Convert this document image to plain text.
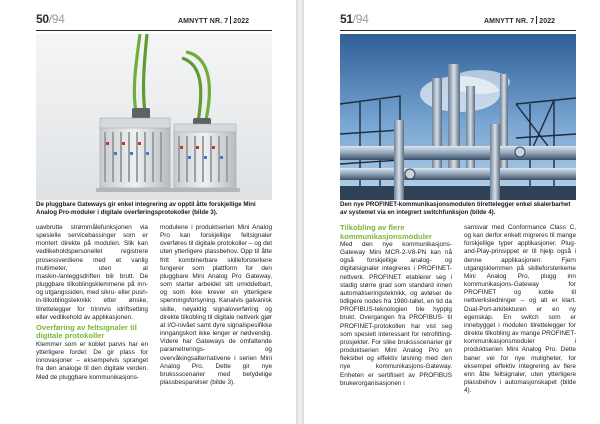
50/94	AMNYTT NR. 7 2022
De pluggbare Gateways gir enkel integrering av opptil åtte forskjellige Mini Analog Pro-moduler i digitale overføringsprotokoller (bilde 3).

uavbrutte strømmålefunksjonen via spesielle servicebassinger som er montert direkte på modulen. Slik kan vedlikeholdspersonellet registrere prosessverdiene med et vanlig multimeter, uten at maskin-/anleggsdriften blir brutt. De pluggbare tilkoblingsklemmene på inn- og utgangssiden, med sikru- eller push-in-tilkoblingsteknikk etter ønske, tilrettelegger for trinnvis idriftsetting eller vedlikehold av applikasjonen.

Overføring av feltsignaler til digitale protokoller

Klemmer som er koblet parvis har en ytterligere fordel: De gir plass for innovasjoner – eksempelvis spranget fra den analoge til den digitale verden. Med de pluggbare kommunikasjons-

modulene i produktserien Mini Analog Pro kan forskjellige feltsignaler overføres til digitale protokoller – og det uten ytterligere plassbehov. Opp til åtte fritt kombinerbare skilleforsterkere fungerer som plattform for den pluggbare Mini Analog Pro Gateway, som starter arbeidet sitt umiddelbart, og som ikke krever en ytterligere spenningsforsyning. Kanalvis galvanisk skille, nøyaktig signaloverføring og direkte tilkobling til digitale nettverk gjør at I/O-nivået samt dyre signalspesifikke inngangskort ikke lenger er nødvendig. Videre har Gateways de omfattende parametrerings- og overvåkingsalternativene i serien Mini Analog Pro. Dette gir nye brukssscenarier med betydelige plassbesparelser (bilde 3).

51/94	AMNYTT NR. 7 2022
Den nye PROFINET-kommunikasjonsmodulen tilrettelegger enkel skalerbarhet av systemet via en integrert switchfunksjon (bilde 4).
Tilkobling av flere kommunikasjonsmoduler

Med den nye kommunikasjons-Gateway Mini MCR-2-V8-PN kan nå også forskjellige analog- og digitalsignaler integreres i PROFINET-nettverk. PROFINET etablerer seg i stadig større grad som standard innen automatiseringsteknikk, og avløser de tidligere nodes fra 1980-tallet, en tid da PROFIBUS-teknologien ble hyppig brukt. Overgangen fra PROFIBUS- til PROFINET-protokollen har vist seg som spesielt interessant for retrofitting-prosjekter. For slike brukssscenarier gir produktserien Mini Analog Pro en fleksibel og effektiv løsning med den nye kommunikasjons-Gateway. Enheten er sertifisert av PROFIBUS brukerorganisasjonen i

samsvar med Conformance Class C, og kan derfor enkelt migreres til mange forskjellige typer applikasjoner. Plug-and-Play-prinsippet er til hjelp også i denne applikasjonen: Fjern utgangsklemmen på skilleforsterkeme Mini Analog Pro, plugg inn kommunikasjons-Gateway for PROFINET og koble til nettverksledninger – og alt er klart. Dual-Port-arkitekturen er en ny egenskap. En switch som er innebygget i modulen tilrettelegger for direkte tilkobling av mange PROFINET-kommunikasjonsmoduler i produktserien Mini Analog Pro. Dette baner vei for nye muligheter, for eksempel effektiv integrering av flere enn åtte feltsignaler, uten ytterligere plassbehov i automasjonskapet (bilde 4).
